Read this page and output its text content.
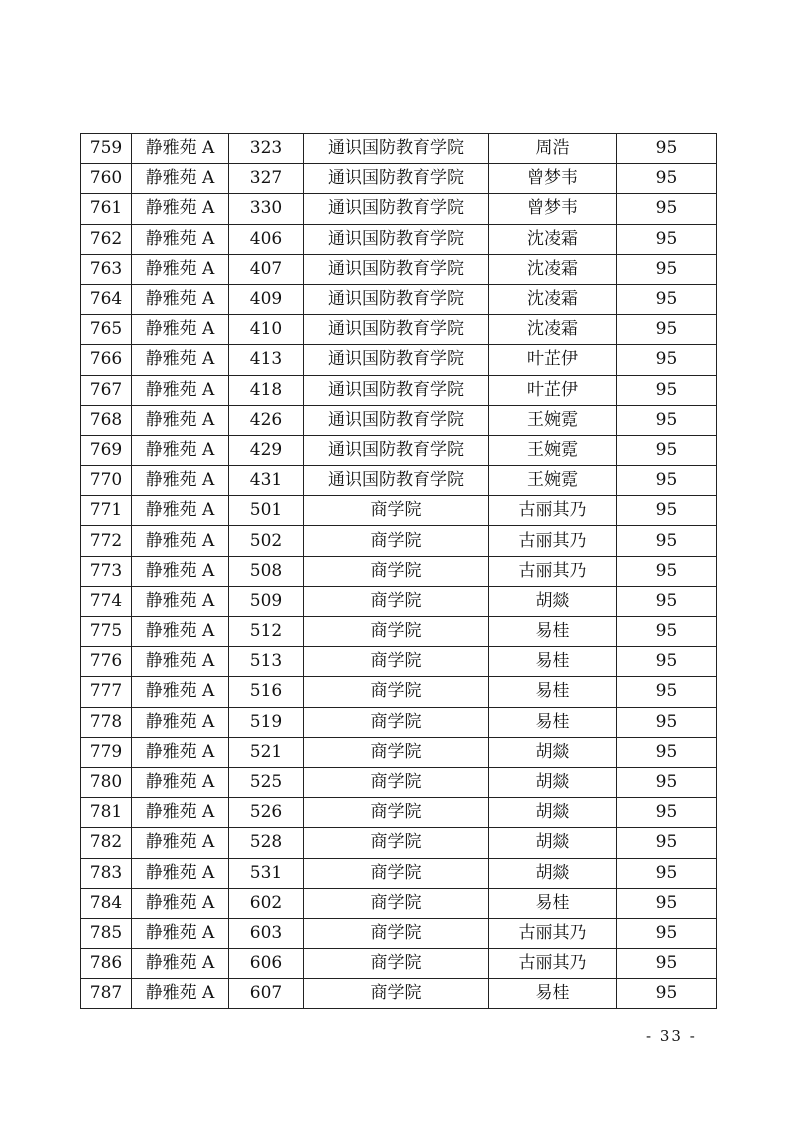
759	静雅苑 A	323	通识国防教育学院	周浩	95
760	静雅苑 A	327	通识国防教育学院	曾梦韦	95
761	静雅苑 A	330	通识国防教育学院	曾梦韦	95
762	静雅苑 A	406	通识国防教育学院	沈凌霜	95
763	静雅苑 A	407	通识国防教育学院	沈凌霜	95
764	静雅苑 A	409	通识国防教育学院	沈凌霜	95
765	静雅苑 A	410	通识国防教育学院	沈凌霜	95
766	静雅苑 A	413	通识国防教育学院	叶芷伊	95
767	静雅苑 A	418	通识国防教育学院	叶芷伊	95
768	静雅苑 A	426	通识国防教育学院	王婉霓	95
769	静雅苑 A	429	通识国防教育学院	王婉霓	95
770	静雅苑 A	431	通识国防教育学院	王婉霓	95
771	静雅苑 A	501	商学院	古丽其乃	95
772	静雅苑 A	502	商学院	古丽其乃	95
773	静雅苑 A	508	商学院	古丽其乃	95
774	静雅苑 A	509	商学院	胡燚	95
775	静雅苑 A	512	商学院	易桂	95
776	静雅苑 A	513	商学院	易桂	95
777	静雅苑 A	516	商学院	易桂	95
778	静雅苑 A	519	商学院	易桂	95
779	静雅苑 A	521	商学院	胡燚	95
780	静雅苑 A	525	商学院	胡燚	95
781	静雅苑 A	526	商学院	胡燚	95
782	静雅苑 A	528	商学院	胡燚	95
783	静雅苑 A	531	商学院	胡燚	95
784	静雅苑 A	602	商学院	易桂	95
785	静雅苑 A	603	商学院	古丽其乃	95
786	静雅苑 A	606	商学院	古丽其乃	95
787	静雅苑 A	607	商学院	易桂	95
- 33 -
